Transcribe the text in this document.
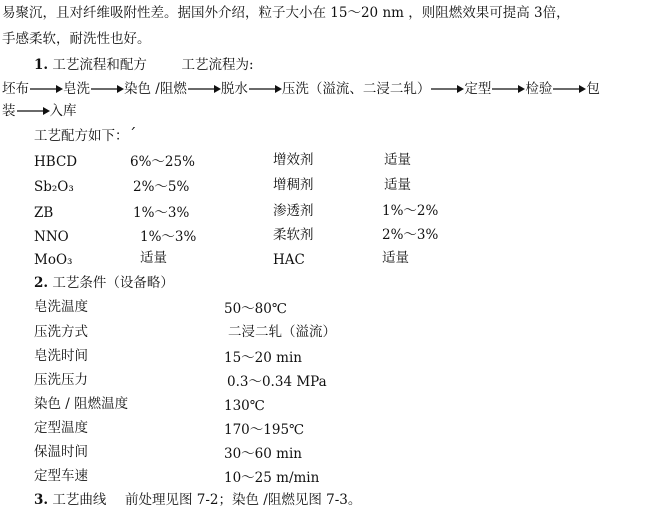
易聚沉，且对纤维吸附性差。据国外介绍，粒子大小在 15～20 nm ，则阻燃效果可提高 3倍，
手感柔软，耐洗性也好。
1. 工艺流程和配方	工艺流程为:
坯布	皂洗	染色 /阻燃	脱水	压洗（溢流、二浸二轧）	定型	检验	包
装	入库
工艺配方如下：ˊ
HBCD	6%～25%	增效剂	适量
Sb₂O₃	2%～5%	增稠剂	适量
ZB	1%～3%	渗透剂	1%～2%
NNO	1%～3%	柔软剂	2%～3%
MoO₃	适量	HAC	适量
2. 工艺条件（设备略）
皂洗温度	50～80℃
压洗方式	二浸二轧（溢流）
皂洗时间	15～20 min
压洗压力	0.3～0.34 MPa
染色 / 阻燃温度	130℃
定型温度	170～195℃
保温时间	30～60 min
定型车速	10～25 m/min
3. 工艺曲线 前处理见图 7-2；染色 /阻燃见图 7-3。
